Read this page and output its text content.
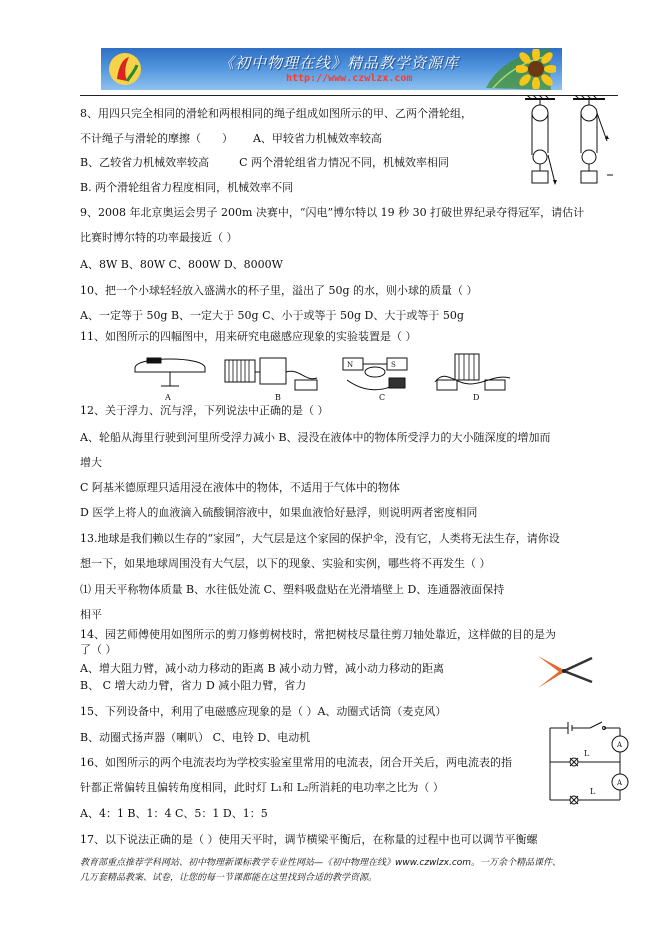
《初中物理在线》精品教学资源库
http://www.czwlzx.com
8、用四只完全相同的滑轮和两根相同的绳子组成如图所示的甲、乙两个滑轮组，
不计绳子与滑轮的摩擦（      ） A、甲较省力机械效率较高
B、乙较省力机械效率较高	C 两个滑轮组省力情况不同，机械效率相同
B. 两个滑轮组省力程度相同，机械效率不同
9、2008 年北京奥运会男子 200m 决赛中，“闪电”博尔特以 19 秒 30 打破世界纪录夺得冠军，请估计
比赛时博尔特的功率最接近（ ）
A、8W B、80W C、800W D、8000W
10、把一个小球轻轻放入盛满水的杯子里，溢出了 50g 的水，则小球的质量（ ）
A、一定等于 50g B、一定大于 50g C、小于或等于 50g D、大于或等于 50g
11、如图所示的四幅图中，用来研究电磁感应现象的实验装置是（ ）
N	S
A	B	C	D
12、关于浮力、沉与浮，下列说法中正确的是（ ）
A、轮船从海里行驶到河里所受浮力减小 B、浸没在液体中的物体所受浮力的大小随深度的增加而
增大
C 阿基米德原理只适用浸在液体中的物体，不适用于气体中的物体
D 医学上将人的血液滴入硫酸铜溶液中，如果血液恰好悬浮，则说明两者密度相同
13.地球是我们赖以生存的“家园”，大气层是这个家园的保护伞，没有它，人类将无法生存，请你设
想一下，如果地球周围没有大气层，以下的现象、实验和实例，哪些将不再发生（ ）
⑴ 用天平称物体质量 B、水往低处流 C、塑料吸盘贴在光滑墙壁上 D、连通器液面保持
相平
14、园艺师傅使用如图所示的剪刀修剪树枝时，常把树枝尽量往剪刀轴处靠近，这样做的目的是为
了（ ）
A、增大阻力臂，减小动力移动的距离 B 减小动力臂，减小动力移动的距离
B、 C 增大动力臂，省力 D 减小阻力臂，省力
15、下列设备中，利用了电磁感应现象的是（ ）A、动圈式话筒（麦克风）
B、动圈式扬声器（喇叭） C、电铃 D、电动机
L
L
A
A
16、如图所示的两个电流表均为学校实验室里常用的电流表，闭合开关后，两电流表的指
针都正常偏转且偏转角度相同，此时灯 L₁和 L₂所消耗的电功率之比为（ ）
A、4：1 B、1：4 C、5：1 D、1：5
17、以下说法正确的是（ ）使用天平时，调节横梁平衡后，在称量的过程中也可以调节平衡螺
教育部重点推荐学科网站、初中物理新课标教学专业性网站—《初中物理在线》www.czwlzx.com。一万余个精品课件、
几万套精品教案、试卷，让您的每一节课都能在这里找到合适的教学资源。
